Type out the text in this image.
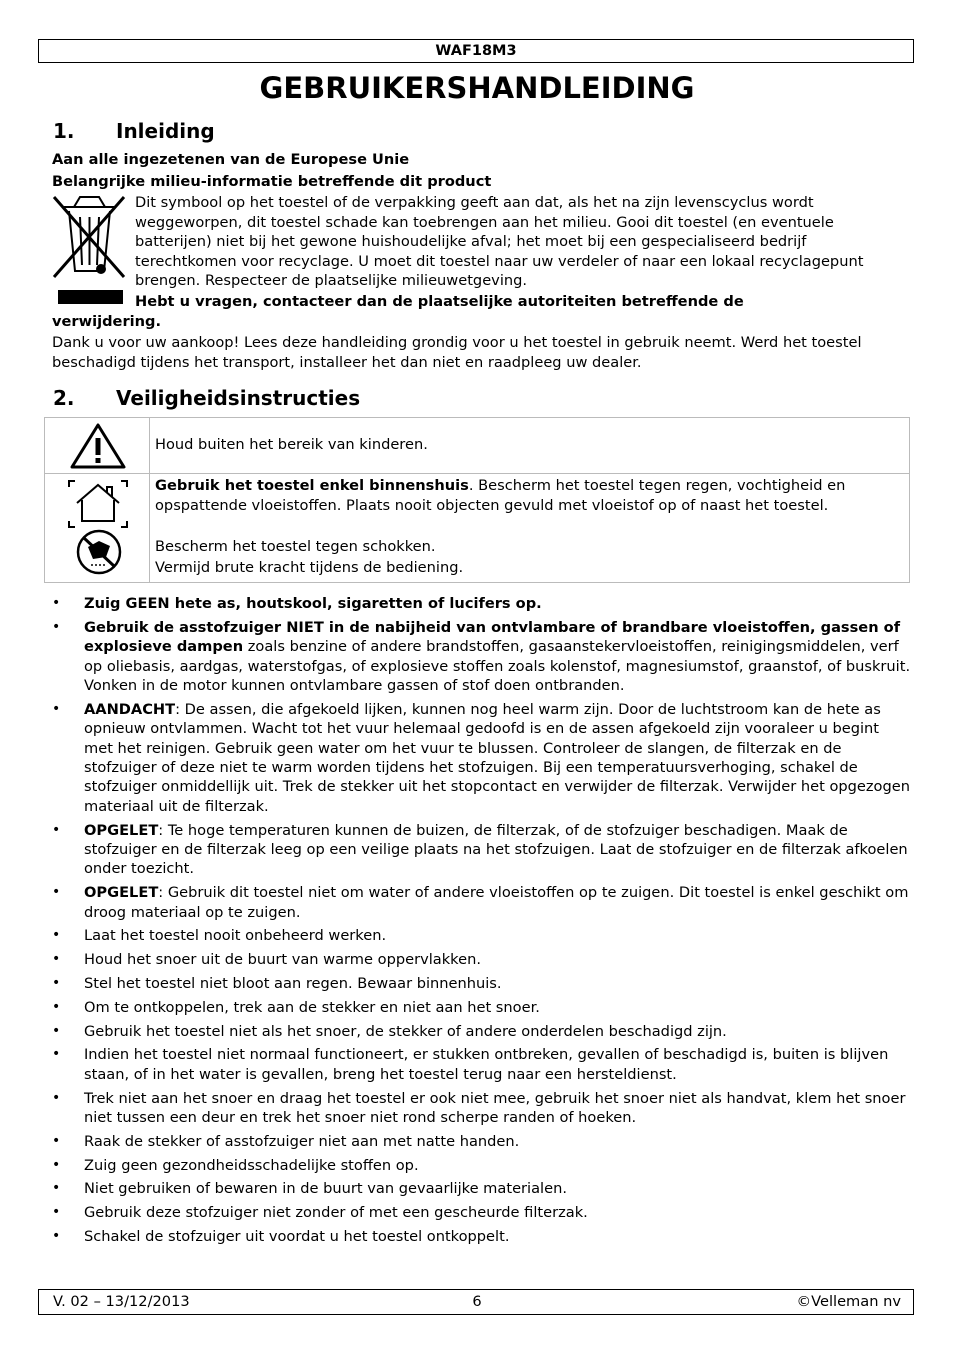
WAF18M3
GEBRUIKERSHANDLEIDING
1. Inleiding
Aan alle ingezetenen van de Europese Unie
Belangrijke milieu-informatie betreffende dit product
Dit symbool op het toestel of de verpakking geeft aan dat, als het na zijn levenscyclus wordt weggeworpen, dit toestel schade kan toebrengen aan het milieu. Gooi dit toestel (en eventuele batterijen) niet bij het gewone huishoudelijke afval; het moet bij een gespecialiseerd bedrijf terechtkomen voor recyclage. U moet dit toestel naar uw verdeler of naar een lokaal recyclagepunt brengen. Respecteer de plaatselijke milieuwetgeving.
Hebt u vragen, contacteer dan de plaatselijke autoriteiten betreffende de
verwijdering.
Dank u voor uw aankoop! Lees deze handleiding grondig voor u het toestel in gebruik neemt. Werd het toestel beschadigd tijdens het transport, installeer het dan niet en raadpleeg uw dealer.
2. Veiligheidsinstructies
Houd buiten het bereik van kinderen.
Gebruik het toestel enkel binnenshuis. Bescherm het toestel tegen regen, vochtigheid en opspattende vloeistoffen. Plaats nooit objecten gevuld met vloeistof op of naast het toestel.
Bescherm het toestel tegen schokken.
Vermijd brute kracht tijdens de bediening.
• Zuig GEEN hete as, houtskool, sigaretten of lucifers op.
• Gebruik de asstofzuiger NIET in de nabijheid van ontvlambare of brandbare vloeistoffen, gassen of explosieve dampen zoals benzine of andere brandstoffen, gasaanstekervloeistoffen, reinigingsmiddelen, verf op oliebasis, aardgas, waterstofgas, of explosieve stoffen zoals kolenstof, magnesiumstof, graanstof, of buskruit. Vonken in de motor kunnen ontvlambare gassen of stof doen ontbranden.
• AANDACHT: De assen, die afgekoeld lijken, kunnen nog heel warm zijn. Door de luchtstroom kan de hete as opnieuw ontvlammen. Wacht tot het vuur helemaal gedoofd is en de assen afgekoeld zijn vooraleer u begint met het reinigen. Gebruik geen water om het vuur te blussen. Controleer de slangen, de filterzak en de stofzuiger of deze niet te warm worden tijdens het stofzuigen. Bij een temperatuursverhoging, schakel de stofzuiger onmiddellijk uit. Trek de stekker uit het stopcontact en verwijder de filterzak. Verwijder het opgezogen materiaal uit de filterzak.
• OPGELET: Te hoge temperaturen kunnen de buizen, de filterzak, of de stofzuiger beschadigen. Maak de stofzuiger en de filterzak leeg op een veilige plaats na het stofzuigen. Laat de stofzuiger en de filterzak afkoelen onder toezicht.
• OPGELET: Gebruik dit toestel niet om water of andere vloeistoffen op te zuigen. Dit toestel is enkel geschikt om droog materiaal op te zuigen.
• Laat het toestel nooit onbeheerd werken.
• Houd het snoer uit de buurt van warme oppervlakken.
• Stel het toestel niet bloot aan regen. Bewaar binnenhuis.
• Om te ontkoppelen, trek aan de stekker en niet aan het snoer.
• Gebruik het toestel niet als het snoer, de stekker of andere onderdelen beschadigd zijn.
• Indien het toestel niet normaal functioneert, er stukken ontbreken, gevallen of beschadigd is, buiten is blijven staan, of in het water is gevallen, breng het toestel terug naar een hersteldienst.
• Trek niet aan het snoer en draag het toestel er ook niet mee, gebruik het snoer niet als handvat, klem het snoer niet tussen een deur en trek het snoer niet rond scherpe randen of hoeken.
• Raak de stekker of asstofzuiger niet aan met natte handen.
• Zuig geen gezondheidsschadelijke stoffen op.
• Niet gebruiken of bewaren in de buurt van gevaarlijke materialen.
• Gebruik deze stofzuiger niet zonder of met een gescheurde filterzak.
• Schakel de stofzuiger uit voordat u het toestel ontkoppelt.
V. 02 – 13/12/2013	6	©Velleman nv
